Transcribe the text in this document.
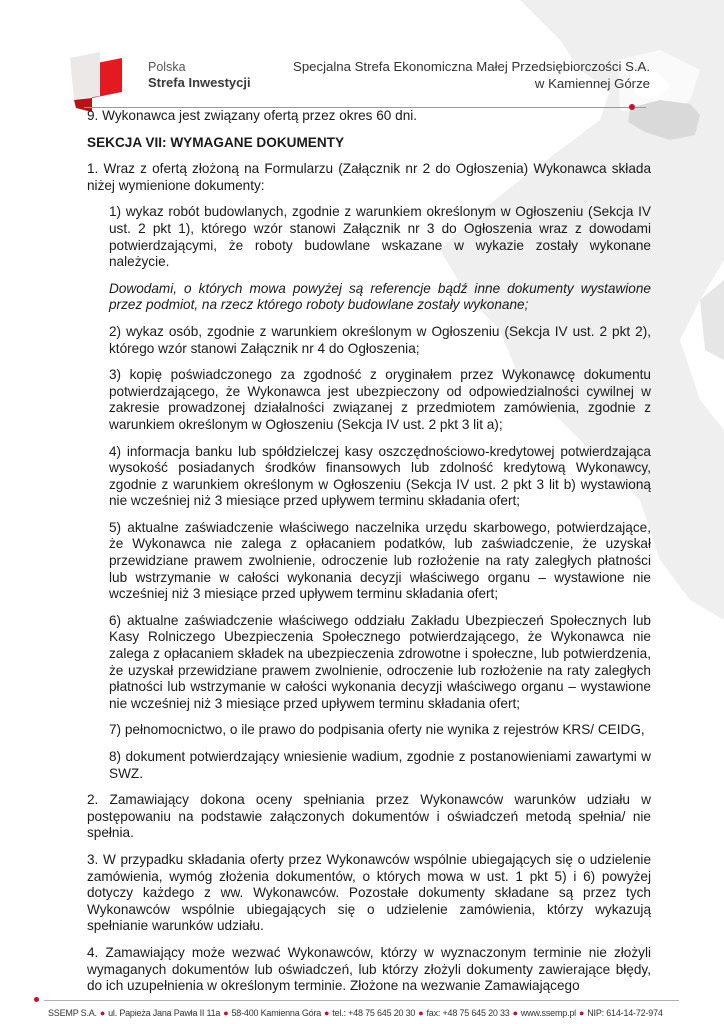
Polska
Strefa Inwestycji
Specjalna Strefa Ekonomiczna Małej Przedsiębiorczości S.A.
w Kamiennej Górze

9. Wykonawca jest związany ofertą przez okres 60 dni.

SEKCJA VII: WYMAGANE DOKUMENTY

1. Wraz z ofertą złożoną na Formularzu (Załącznik nr 2 do Ogłoszenia) Wykonawca składa niżej wymienione dokumenty:

1) wykaz robót budowlanych, zgodnie z warunkiem określonym w Ogłoszeniu (Sekcja IV ust. 2 pkt 1), którego wzór stanowi Załącznik nr 3 do Ogłoszenia wraz z dowodami potwierdzającymi, że roboty budowlane wskazane w wykazie zostały wykonane należycie.

Dowodami, o których mowa powyżej są referencje bądź inne dokumenty wystawione przez podmiot, na rzecz którego roboty budowlane zostały wykonane;

2) wykaz osób, zgodnie z warunkiem określonym w Ogłoszeniu (Sekcja IV ust. 2 pkt 2), którego wzór stanowi Załącznik nr 4 do Ogłoszenia;

3) kopię poświadczonego za zgodność z oryginałem przez Wykonawcę dokumentu potwierdzającego, że Wykonawca jest ubezpieczony od odpowiedzialności cywilnej w zakresie prowadzonej działalności związanej z przedmiotem zamówienia, zgodnie z warunkiem określonym w Ogłoszeniu (Sekcja IV ust. 2 pkt 3 lit a);

4) informacja banku lub spółdzielczej kasy oszczędnościowo-kredytowej potwierdzająca wysokość posiadanych środków finansowych lub zdolność kredytową Wykonawcy, zgodnie z warunkiem określonym w Ogłoszeniu (Sekcja IV ust. 2 pkt 3 lit b) wystawioną nie wcześniej niż 3 miesiące przed upływem terminu składania ofert;

5) aktualne zaświadczenie właściwego naczelnika urzędu skarbowego, potwierdzające, że Wykonawca nie zalega z opłacaniem podatków, lub zaświadczenie, że uzyskał przewidziane prawem zwolnienie, odroczenie lub rozłożenie na raty zaległych płatności lub wstrzymanie w całości wykonania decyzji właściwego organu – wystawione nie wcześniej niż 3 miesiące przed upływem terminu składania ofert;

6) aktualne zaświadczenie właściwego oddziału Zakładu Ubezpieczeń Społecznych lub Kasy Rolniczego Ubezpieczenia Społecznego potwierdzającego, że Wykonawca nie zalega z opłacaniem składek na ubezpieczenia zdrowotne i społeczne, lub potwierdzenia, że uzyskał przewidziane prawem zwolnienie, odroczenie lub rozłożenie na raty zaległych płatności lub wstrzymanie w całości wykonania decyzji właściwego organu – wystawione nie wcześniej niż 3 miesiące przed upływem terminu składania ofert;

7) pełnomocnictwo, o ile prawo do podpisania oferty nie wynika z rejestrów KRS/ CEIDG,

8) dokument potwierdzający wniesienie wadium, zgodnie z postanowieniami zawartymi w SWZ.

2. Zamawiający dokona oceny spełniania przez Wykonawców warunków udziału w postępowaniu na podstawie załączonych dokumentów i oświadczeń metodą spełnia/ nie spełnia.

3. W przypadku składania oferty przez Wykonawców wspólnie ubiegających się o udzielenie zamówienia, wymóg złożenia dokumentów, o których mowa w ust. 1 pkt 5) i 6) powyżej dotyczy każdego z ww. Wykonawców. Pozostałe dokumenty składane są przez tych Wykonawców wspólnie ubiegających się o udzielenie zamówienia, którzy wykazują spełnianie warunków udziału.

4. Zamawiający może wezwać Wykonawców, którzy w wyznaczonym terminie nie złożyli wymaganych dokumentów lub oświadczeń, lub którzy złożyli dokumenty zawierające błędy, do ich uzupełnienia w określonym terminie. Złożone na wezwanie Zamawiającego

SSEMP S.A. ● ul. Papieża Jana Pawła II 11a ● 58-400 Kamienna Góra ● tel.: +48 75 645 20 30 ● fax: +48 75 645 20 33 ● www.ssemp.pl ● NIP: 614-14-72-974
